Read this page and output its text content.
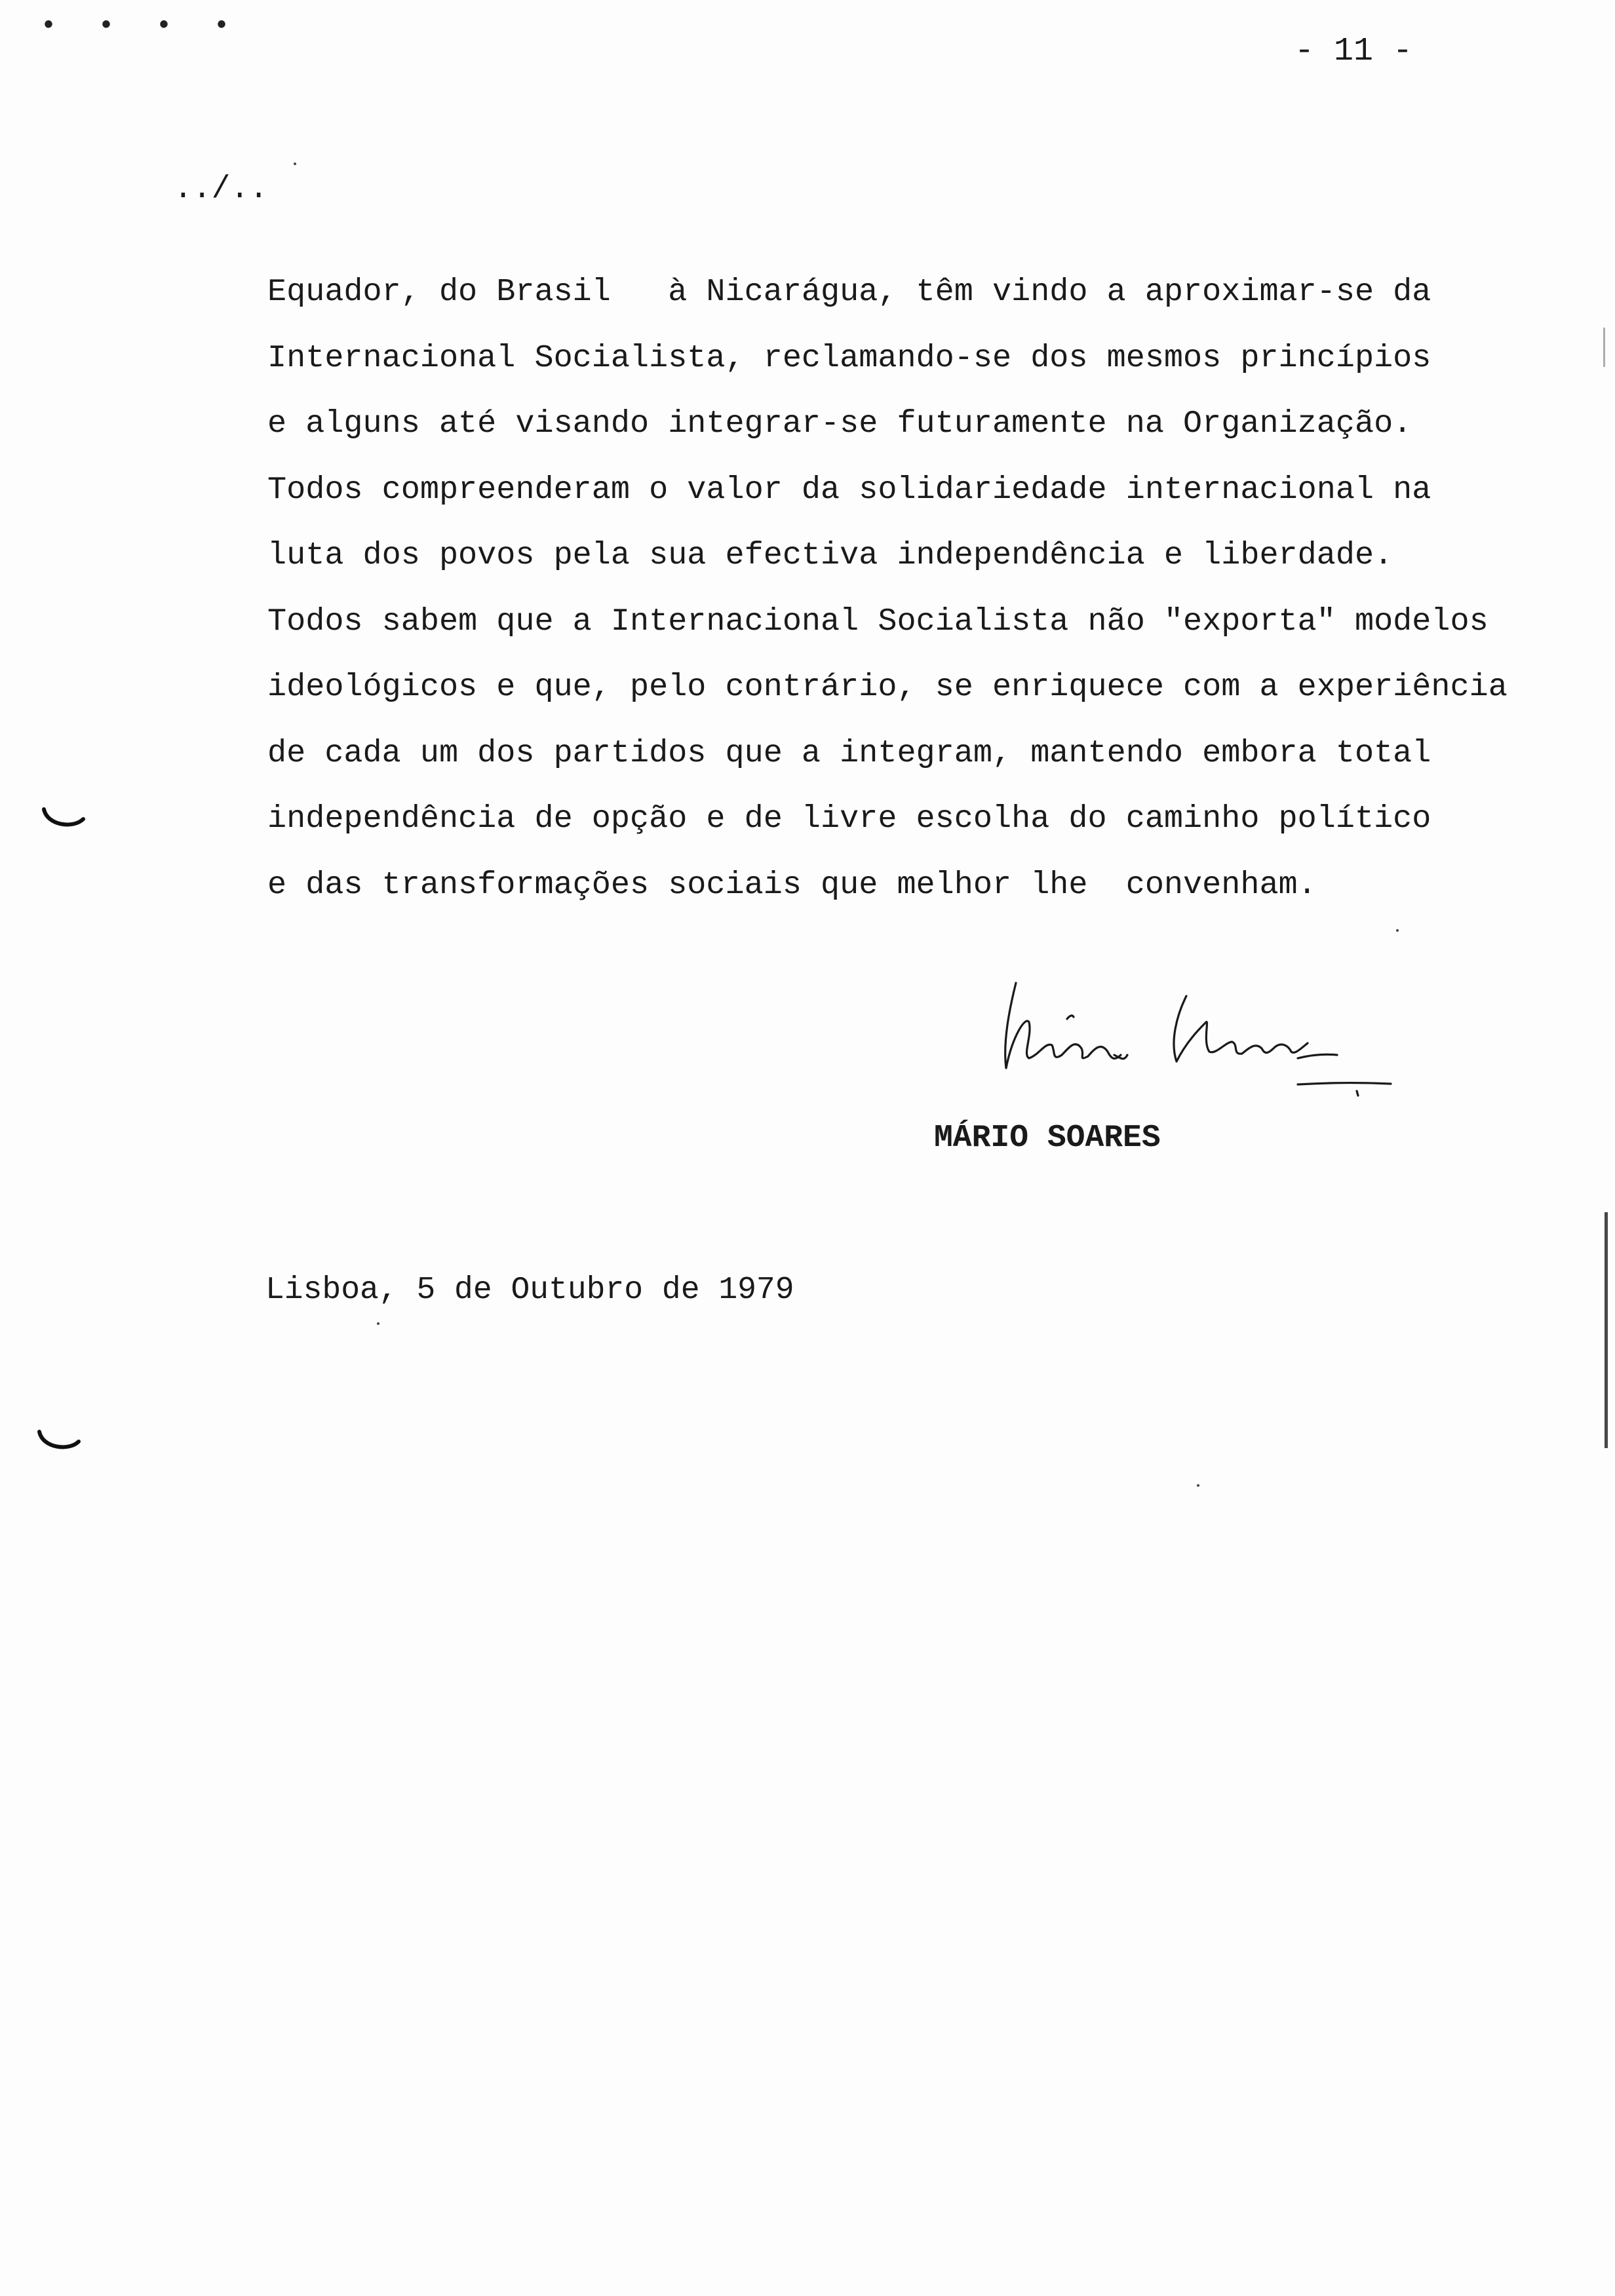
• • • •
- 11 -
../..
Equador, do Brasil   à Nicarágua, têm vindo a aproximar-se da
Internacional Socialista, reclamando-se dos mesmos princípios
e alguns até visando integrar-se futuramente na Organização.
Todos compreenderam o valor da solidariedade internacional na
luta dos povos pela sua efectiva independência e liberdade.
Todos sabem que a Internacional Socialista não "exporta" modelos
ideológicos e que, pelo contrário, se enriquece com a experiência
de cada um dos partidos que a integram, mantendo embora total
independência de opção e de livre escolha do caminho político
e das transformações sociais que melhor lhe  convenham.
MÁRIO SOARES
Lisboa, 5 de Outubro de 1979
